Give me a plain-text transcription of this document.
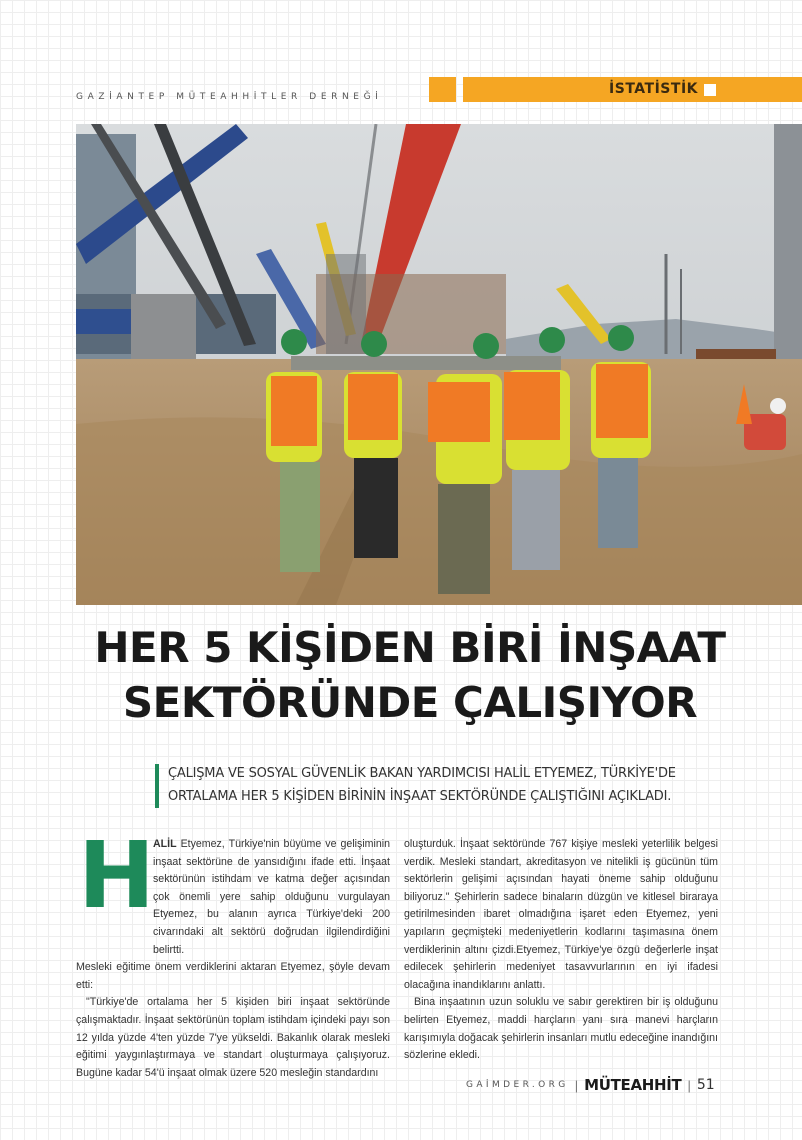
GAZİANTEP MÜTEAHHİTLER DERNEĞİ	İSTATİSTİK
HER 5 KİŞİDEN BİRİ İNŞAAT
SEKTÖRÜNDE ÇALIŞIYOR
ÇALIŞMA VE SOSYAL GÜVENLİK BAKAN YARDIMCISI HALİL ETYEMEZ, TÜRKİYE'DE
ORTALAMA HER 5 KİŞİDEN BİRİNİN İNŞAAT SEKTÖRÜNDE ÇALIŞTIĞINI AÇIKLADI.
H

ALİL Etyemez, Türkiye'nin büyüme ve gelişiminin inşaat sektörüne de yansıdığını ifade etti. İnşaat sektörünün istihdam ve katma değer açısından çok önemli yere sahip olduğunu vurgulayan Etyemez, bu alanın ayrıca Türkiye'deki 200 civarındaki alt sektörü doğrudan ilgilendirdiğini belirtti.

Mesleki eğitime önem verdiklerini aktaran Etyemez, şöyle devam etti:

"Türkiye'de ortalama her 5 kişiden biri inşaat sektöründe çalışmaktadır. İnşaat sektörünün toplam istihdam içindeki payı son 12 yılda yüzde 4'ten yüzde 7'ye yükseldi. Bakanlık olarak mesleki eğitimi yaygınlaştırmaya ve standart oluşturmaya çalışıyoruz. Bugüne kadar 54'ü inşaat olmak üzere 520 mesleğin standardını

oluşturduk. İnşaat sektöründe 767 kişiye mesleki yeterlilik belgesi verdik. Mesleki standart, akreditasyon ve nitelikli iş gücünün tüm sektörlerin gelişimi açısından hayati öneme sahip olduğunu biliyoruz." Şehirlerin sadece binaların düzgün ve kitlesel biraraya getirilmesinden ibaret olmadığına işaret eden Etyemez, yeni yapıların geçmişteki medeniyetlerin kodlarını taşımasına önem verdiklerinin altını çizdi.Etyemez, Türkiye'ye özgü değerlerle inşat edilecek şehirlerin medeniyet tasavvurlarının en iyi ifadesi olacağına inandıklarını anlattı.

Bina inşaatının uzun soluklu ve sabır gerektiren bir iş olduğunu belirten Etyemez, maddi harçların yanı sıra manevi harçların karışımıyla doğacak şehirlerin insanları mutlu edeceğine inandığını sözlerine ekledi.

GAİMDER.ORG | MÜTEAHHİT | 51
